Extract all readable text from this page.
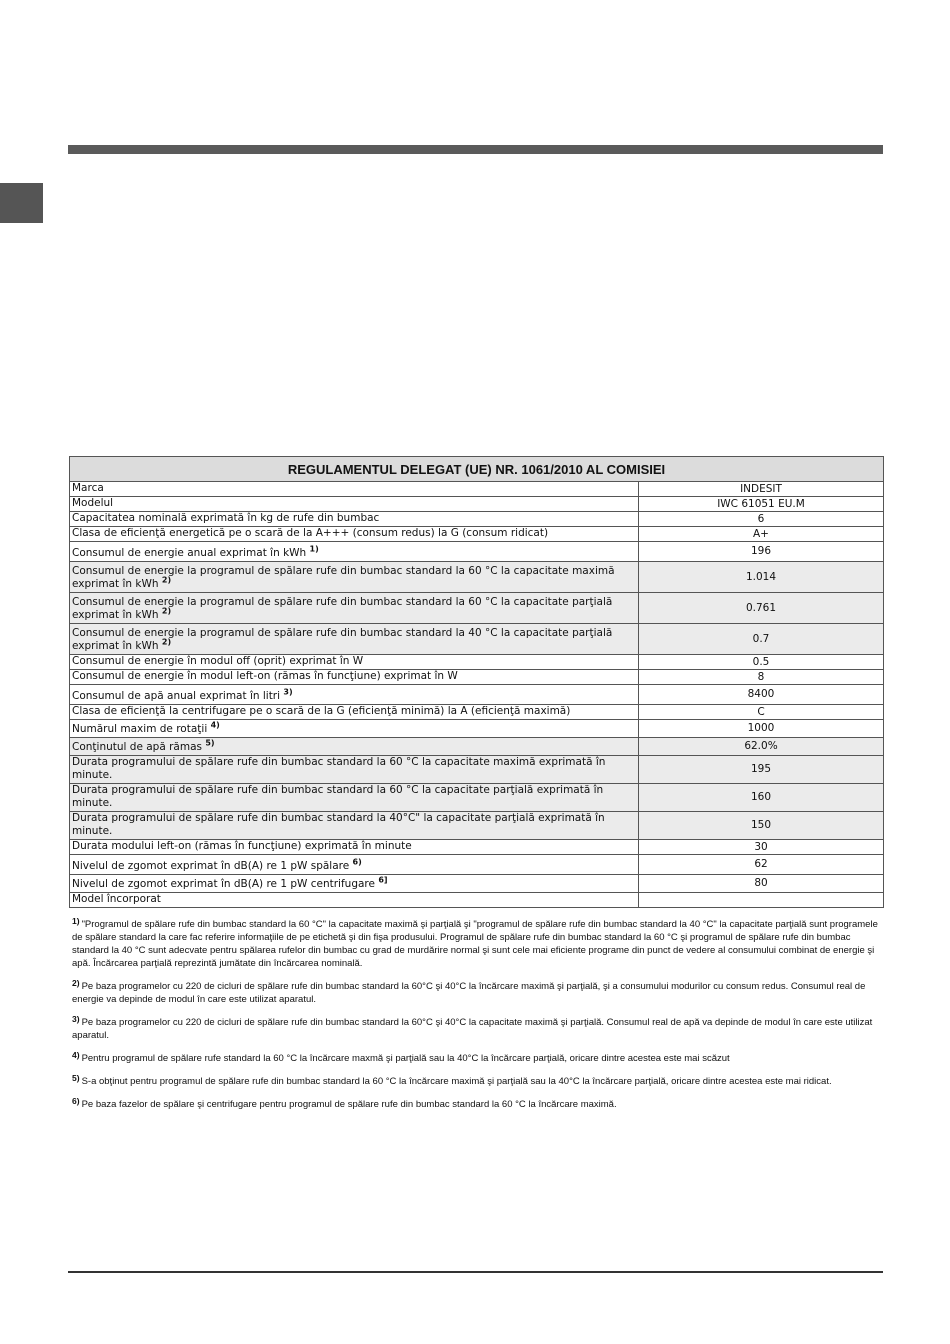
REGULAMENTUL DELEGAT (UE) NR. 1061/2010 AL COMISIEI	
Marca	INDESIT
Modelul	IWC 61051 EU.M
Capacitatea nominală exprimată în kg de rufe din bumbac	6
Clasa de eficienţă energetică pe o scară de la A+++ (consum redus) la G (consum ridicat)	A+
Consumul de energie anual exprimat în kWh $^{1)}$	196
Consumul de energie la programul de spălare rufe din bumbac standard la 60 °C la capacitate maximă exprimat în kWh $^{2)}$	1.014
Consumul de energie la programul de spălare rufe din bumbac standard la 60 °C la capacitate parţială exprimat în kWh $^{2)}$	0.761
Consumul de energie la programul de spălare rufe din bumbac standard la 40 °C la capacitate parţială exprimat în kWh $^{2)}$	0.7
Consumul de energie în modul off (oprit) exprimat în W	0.5
Consumul de energie în modul left-on (rămas în funcţiune) exprimat în W	8
Consumul de apă anual exprimat în litri $^{3)}$	8400
Clasa de eficienţă la centrifugare pe o scară de la G (eficienţă minimă) la A (eficienţă maximă)	C
Numărul maxim de rotaţii $^{4)}$	1000
Conţinutul de apă rămas $^{5)}$	62.0%
Durata programului de spălare rufe din bumbac standard la 60 °C la capacitate maximă exprimată în minute.	195
Durata programului de spălare rufe din bumbac standard la 60 °C la capacitate parţială exprimată în minute.	160
Durata programului de spălare rufe din bumbac standard la 40°C" la capacitate parţială exprimată în minute.	150
Durata modului left-on (rămas în funcţiune) exprimată în minute	30
Nivelul de zgomot exprimat în dB(A) re 1 pW spălare $^{6)}$	62
Nivelul de zgomot exprimat în dB(A) re 1 pW centrifugare $^{6]}$	80
Model încorporat	
1) "Programul de spălare rufe din bumbac standard la 60 °C" la capacitate maximă şi parţială şi "programul de spălare rufe din bumbac standard la 40 °C" la capacitate parţială sunt programele de spălare standard la care fac referire informaţiile de pe etichetă şi din fişa produsului. Programul de spălare rufe din bumbac standard la 60 °C şi programul de spălare rufe din bumbac standard la 40 °C sunt adecvate pentru spălarea rufelor din bumbac cu grad de murdărire normal şi sunt cele mai eficiente programe din punct de vedere al consumului combinat de energie şi apă. Încărcarea parţială reprezintă jumătate din încărcarea nominală.
2) Pe baza programelor cu 220 de cicluri de spălare rufe din bumbac standard la 60°C şi 40°C la încărcare maximă şi parţială, şi a consumului modurilor cu consum redus. Consumul real de energie va depinde de modul în care este utilizat aparatul.
3) Pe baza programelor cu 220 de cicluri de spălare rufe din bumbac standard la 60°C şi 40°C la capacitate maximă şi parţială. Consumul real de apă va depinde de modul în care este utilizat aparatul.
4) Pentru programul de spălare rufe standard la 60 °C la încărcare maxmă şi parţială sau la 40°C la încărcare parţială, oricare dintre acestea este mai scăzut
5) S-a obţinut pentru programul de spălare rufe din bumbac standard la 60 °C la încărcare maximă şi parţială sau la 40°C la încărcare parţială, oricare dintre acestea este mai ridicat.
6) Pe baza fazelor de spălare şi centrifugare pentru programul de spălare rufe din bumbac standard la 60 °C la încărcare maximă.
